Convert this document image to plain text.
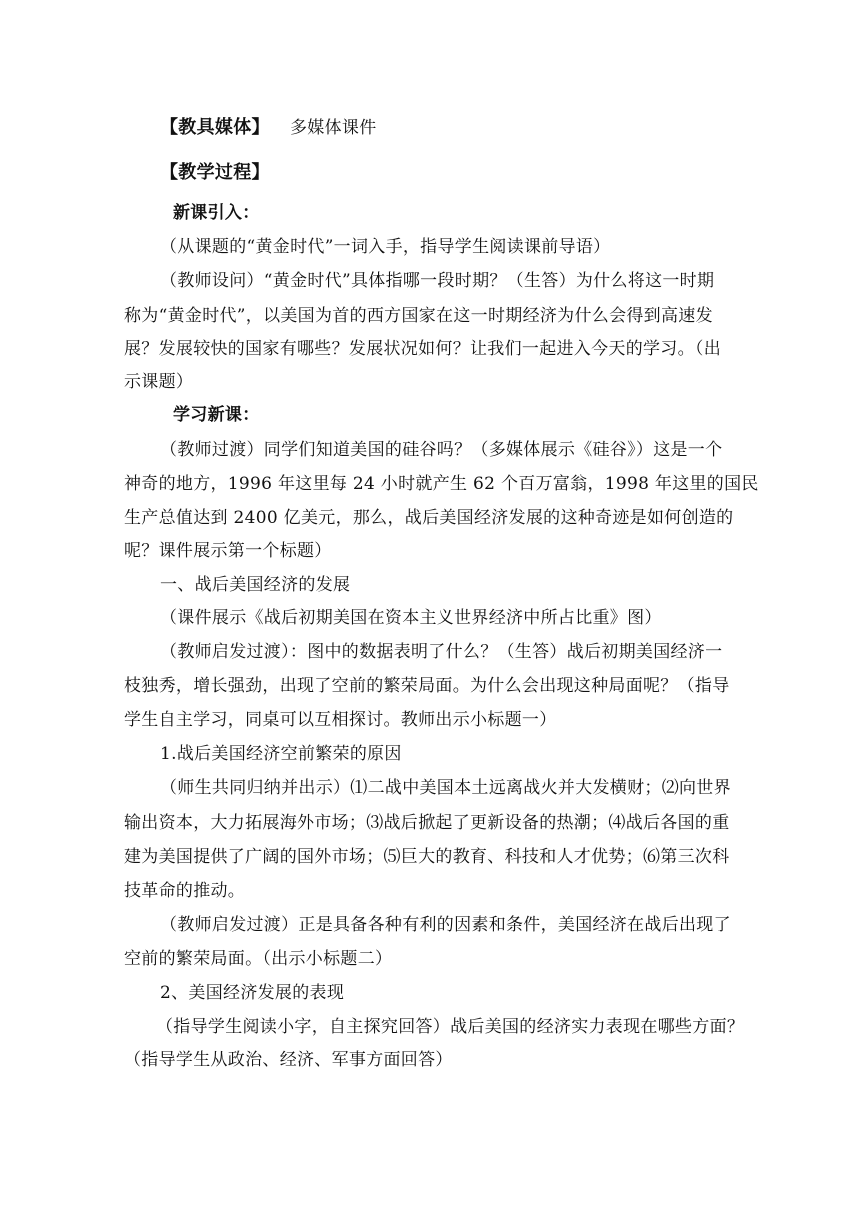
【教具媒体】 多媒体课件
【教学过程】
新课引入：
（从课题的“黄金时代”一词入手，指导学生阅读课前导语）
（教师设问）“黄金时代”具体指哪一段时期？（生答）为什么将这一时期
称为“黄金时代”，以美国为首的西方国家在这一时期经济为什么会得到高速发
展？发展较快的国家有哪些？发展状况如何？让我们一起进入今天的学习。（出
示课题）
学习新课：
（教师过渡）同学们知道美国的硅谷吗？（多媒体展示《硅谷》）这是一个
神奇的地方，1996 年这里每 24 小时就产生 62 个百万富翁，1998 年这里的国民
生产总值达到 2400 亿美元，那么，战后美国经济发展的这种奇迹是如何创造的
呢？课件展示第一个标题）
一、战后美国经济的发展
（课件展示《战后初期美国在资本主义世界经济中所占比重》图）
（教师启发过渡）：图中的数据表明了什么？（生答）战后初期美国经济一
枝独秀，增长强劲，出现了空前的繁荣局面。为什么会出现这种局面呢？（指导
学生自主学习，同桌可以互相探讨。教师出示小标题一）
1.战后美国经济空前繁荣的原因
（师生共同归纳并出示）⑴二战中美国本土远离战火并大发横财；⑵向世界
输出资本，大力拓展海外市场；⑶战后掀起了更新设备的热潮；⑷战后各国的重
建为美国提供了广阔的国外市场；⑸巨大的教育、科技和人才优势；⑹第三次科
技革命的推动。
（教师启发过渡）正是具备各种有利的因素和条件，美国经济在战后出现了
空前的繁荣局面。（出示小标题二）
2、美国经济发展的表现
（指导学生阅读小字，自主探究回答）战后美国的经济实力表现在哪些方面？
（指导学生从政治、经济、军事方面回答）
